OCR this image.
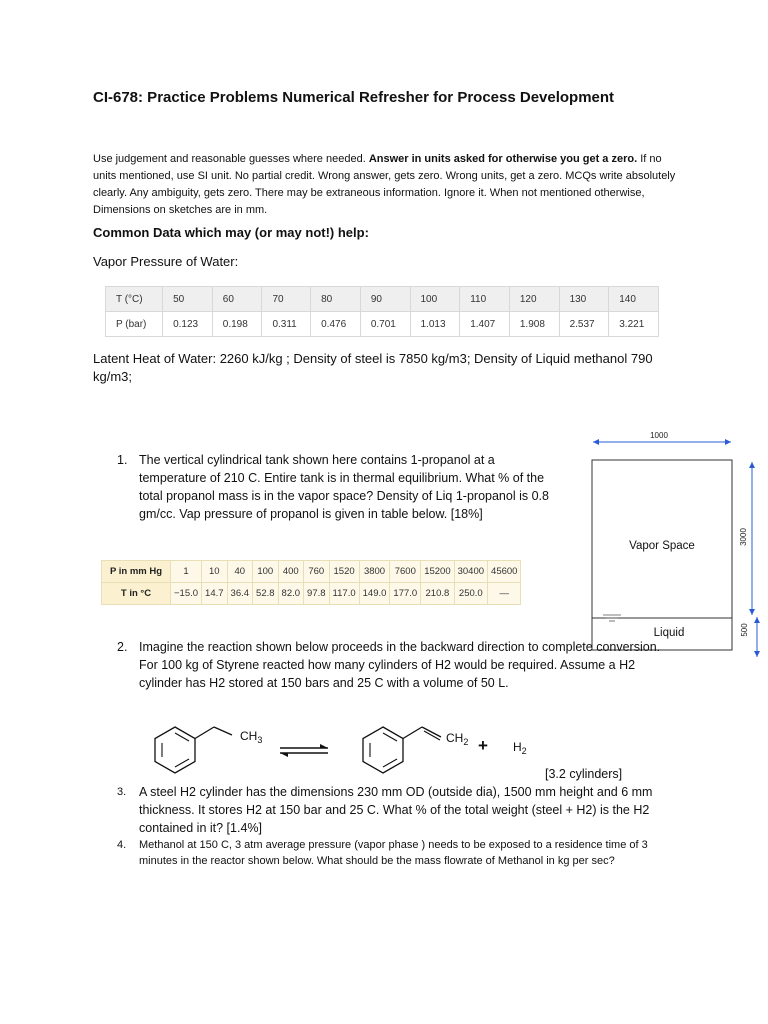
CI-678: Practice Problems Numerical Refresher for Process Development
Use judgement and reasonable guesses where needed. Answer in units asked for otherwise you get a zero. If no units mentioned, use SI unit. No partial credit. Wrong answer, gets zero. Wrong units, get a zero. MCQs write absolutely clearly. Any ambiguity, gets zero. There may be extraneous information. Ignore it. When not mentioned otherwise, Dimensions on sketches are in mm.
Common Data which may (or may not!) help:
Vapor Pressure of Water:
T (°C)	50	60	70	80	90	100	110	120	130	140
P (bar)	0.123	0.198	0.311	0.476	0.701	1.013	1.407	1.908	2.537	3.221
Latent Heat of Water: 2260 kJ/kg ; Density of steel is 7850 kg/m3; Density of Liquid methanol 790 kg/m3;
1. The vertical cylindrical tank shown here contains 1-propanol at a temperature of 210 C. Entire tank is in thermal equilibrium. What % of the total propanol mass is in the vapor space? Density of Liq 1-propanol is 0.8 gm/cc. Vap pressure of propanol is given in table below. [18%]
P in mm Hg	1	10	40	100	400	760	1520	3800	7600	15200	30400	45600
T in °C	−15.0	14.7	36.4	52.8	82.0	97.8	117.0	149.0	177.0	210.8	250.0	—
1000
Vapor Space
Liquid
3000
500
2. Imagine the reaction shown below proceeds in the backward direction to complete conversion. For 100 kg of Styrene reacted how many cylinders of H2 would be required. Assume a H2 cylinder has H2 stored at 150 bars and 25 C with a volume of 50 L.
$CH_3$	$CH_2 + H_2$
[3.2 cylinders]
3. A steel H2 cylinder has the dimensions 230 mm OD (outside dia), 1500 mm height and 6 mm thickness. It stores H2 at 150 bar and 25 C. What % of the total weight (steel + H2) is the H2 contained in it? [1.4%]
4. Methanol at 150 C, 3 atm average pressure (vapor phase ) needs to be exposed to a residence time of 3 minutes in the reactor shown below. What should be the mass flowrate of Methanol in kg per sec?
